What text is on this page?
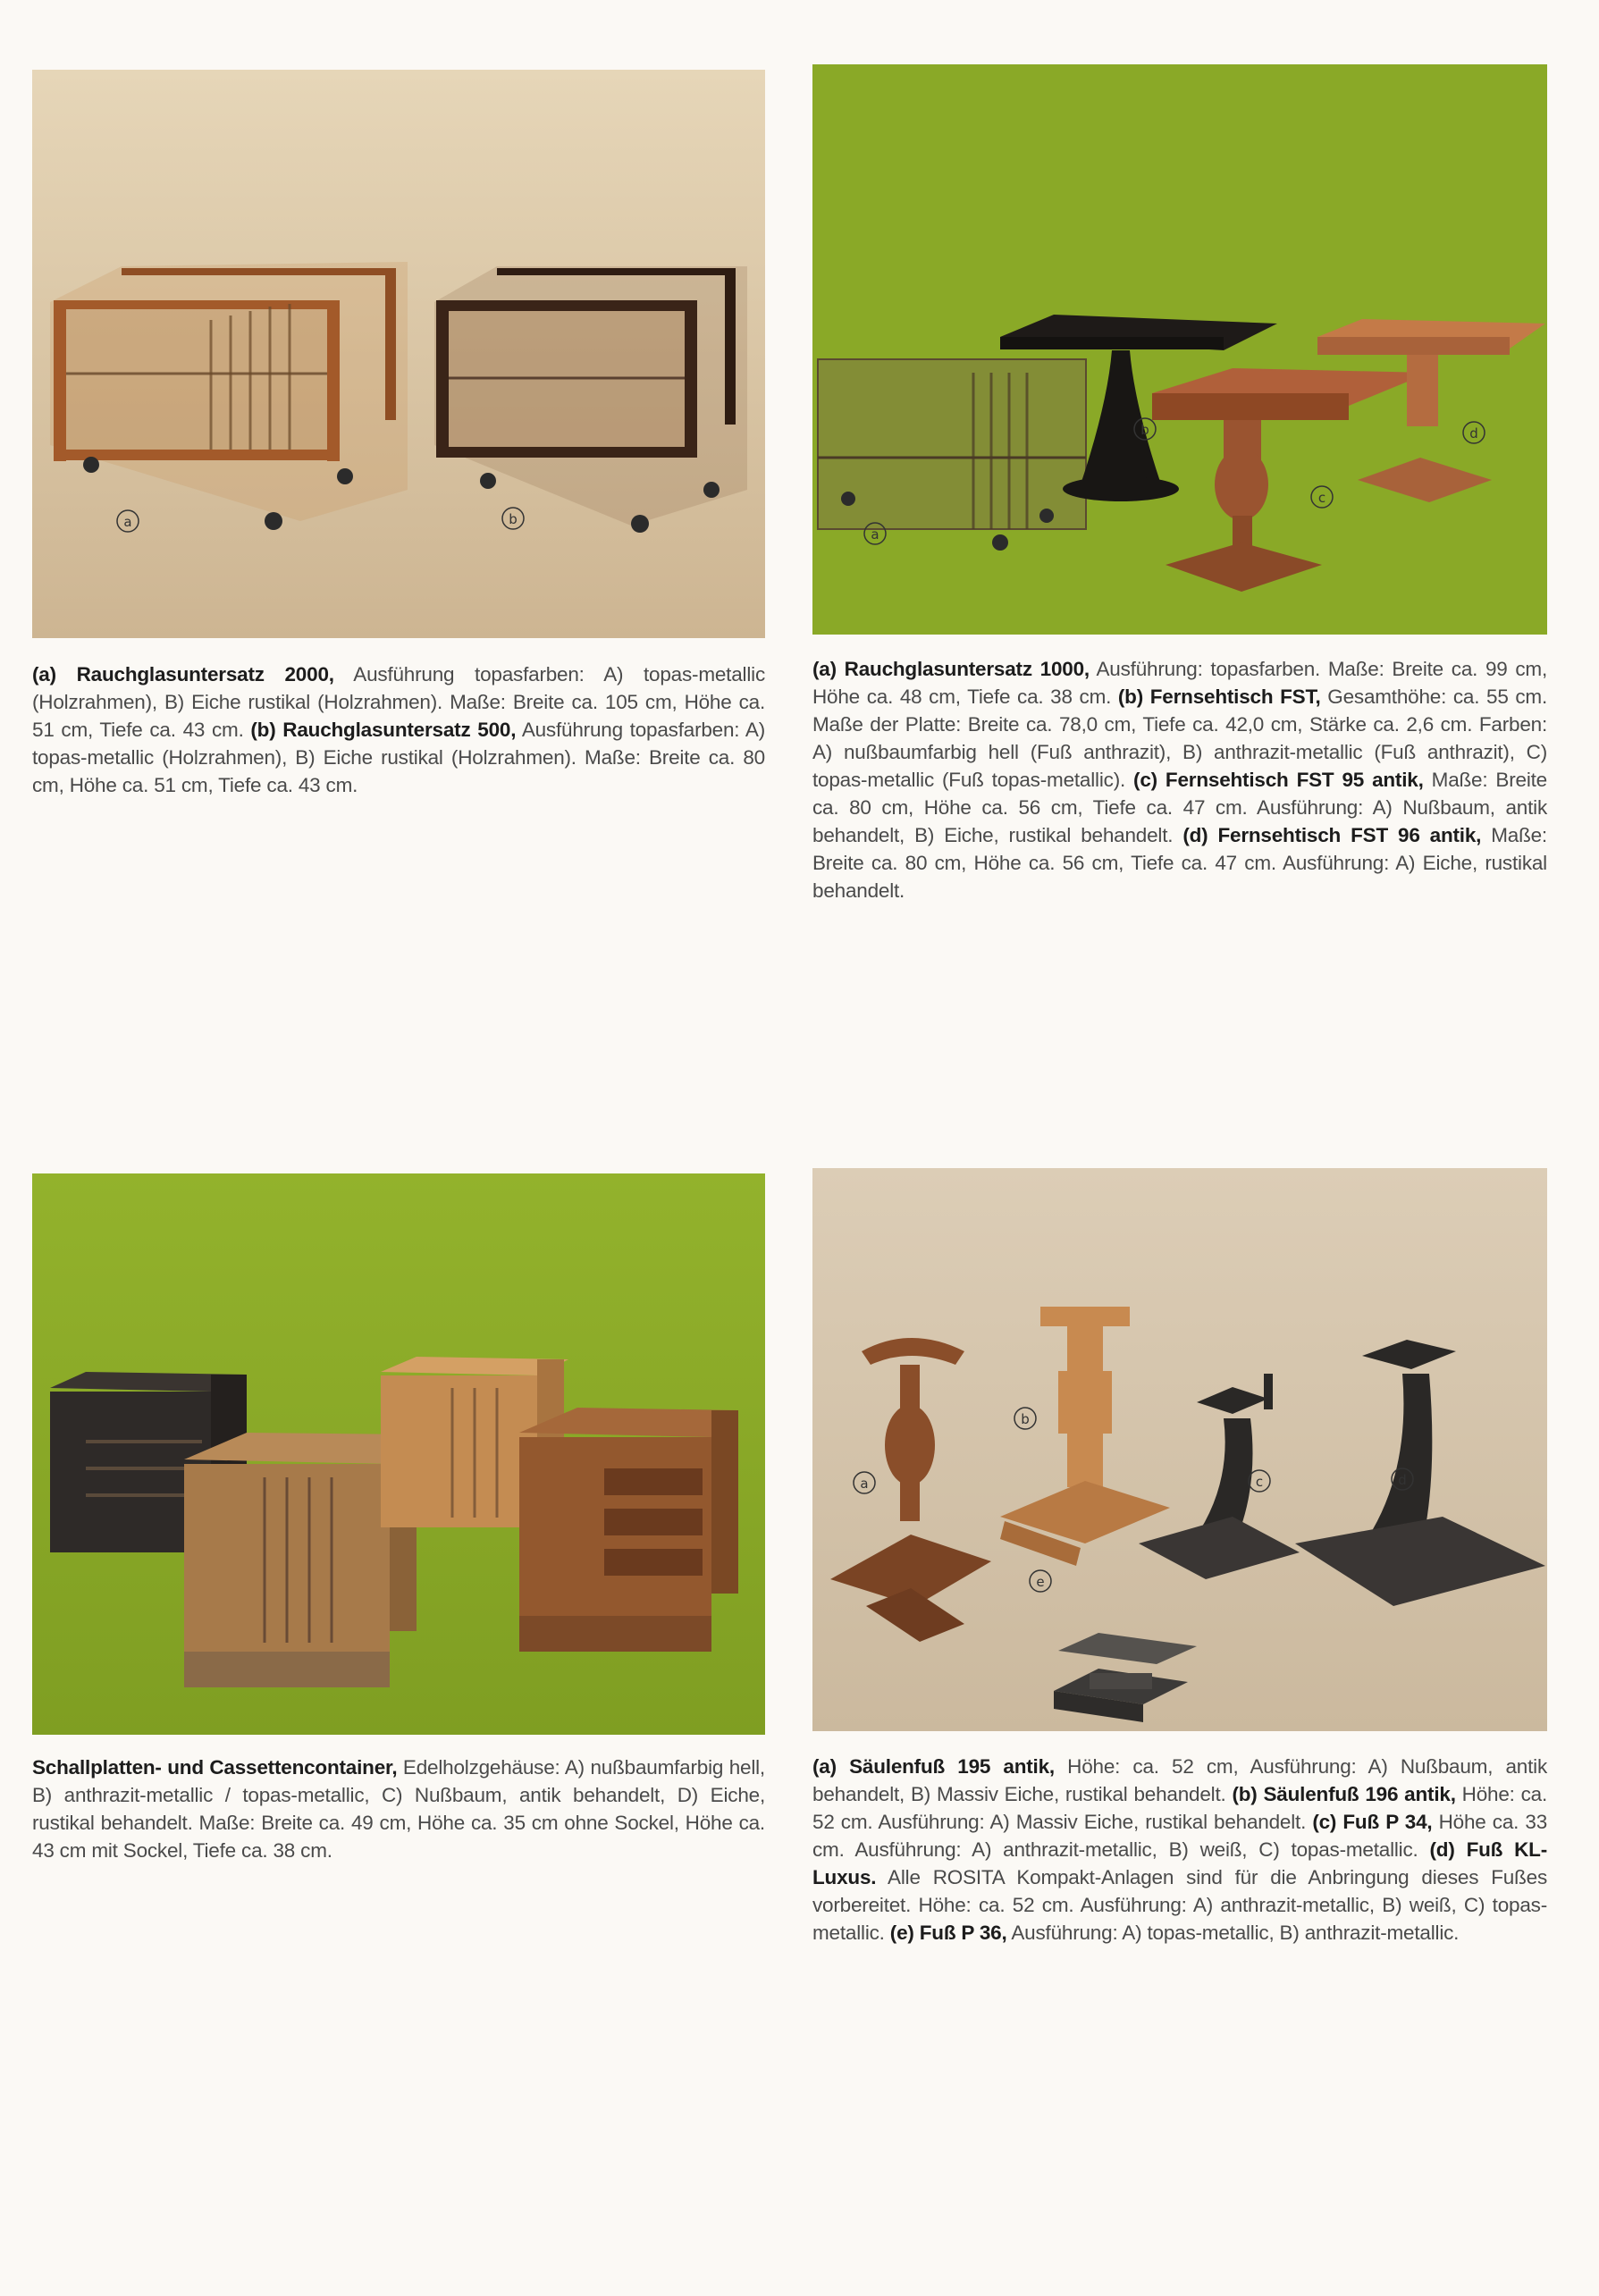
a	b
(a) Rauchglasuntersatz 2000, Ausführung topasfarben: A) topas-metallic (Holzrahmen), B) Eiche rustikal (Holzrahmen). Maße: Breite ca. 105 cm, Höhe ca. 51 cm, Tiefe ca. 43 cm. (b) Rauchglasuntersatz 500, Ausführung topasfarben: A) topas-metallic (Holzrahmen), B) Eiche rustikal (Holzrahmen). Maße: Breite ca. 80 cm, Höhe ca. 51 cm, Tiefe ca. 43 cm.
a
b
c
d
(a) Rauchglasuntersatz 1000, Ausführung: topasfarben. Maße: Breite ca. 99 cm, Höhe ca. 48 cm, Tiefe ca. 38 cm. (b) Fernsehtisch FST, Gesamthöhe: ca. 55 cm. Maße der Platte: Breite ca. 78,0 cm, Tiefe ca. 42,0 cm, Stärke ca. 2,6 cm. Farben: A) nußbaumfarbig hell (Fuß anthrazit), B) anthrazit-metallic (Fuß anthrazit), C) topas-metallic (Fuß topas-metallic). (c) Fernsehtisch FST 95 antik, Maße: Breite ca. 80 cm, Höhe ca. 56 cm, Tiefe ca. 47 cm. Ausführung: A) Nußbaum, antik behandelt, B) Eiche, rustikal behandelt. (d) Fernsehtisch FST 96 antik, Maße: Breite ca. 80 cm, Höhe ca. 56 cm, Tiefe ca. 47 cm. Ausführung: A) Eiche, rustikal behandelt.
Schallplatten- und Cassettencontainer, Edelholzgehäuse: A) nußbaumfarbig hell, B) anthrazit-metallic / topas-metallic, C) Nußbaum, antik behandelt, D) Eiche, rustikal behandelt. Maße: Breite ca. 49 cm, Höhe ca. 35 cm ohne Sockel, Höhe ca. 43 cm mit Sockel, Tiefe ca. 38 cm.
a
b
c	d
e
(a) Säulenfuß 195 antik, Höhe: ca. 52 cm, Ausführung: A) Nußbaum, antik behandelt, B) Massiv Eiche, rustikal behandelt. (b) Säulenfuß 196 antik, Höhe: ca. 52 cm. Ausführung: A) Massiv Eiche, rustikal behandelt. (c) Fuß P 34, Höhe ca. 33 cm. Ausführung: A) anthrazit-metallic, B) weiß, C) topas-metallic. (d) Fuß KL-Luxus. Alle ROSITA Kompakt-Anlagen sind für die Anbringung dieses Fußes vorbereitet. Höhe: ca. 52 cm. Ausführung: A) anthrazit-metallic, B) weiß, C) topas-metallic. (e) Fuß P 36, Ausführung: A) topas-metallic, B) anthrazit-metallic.
